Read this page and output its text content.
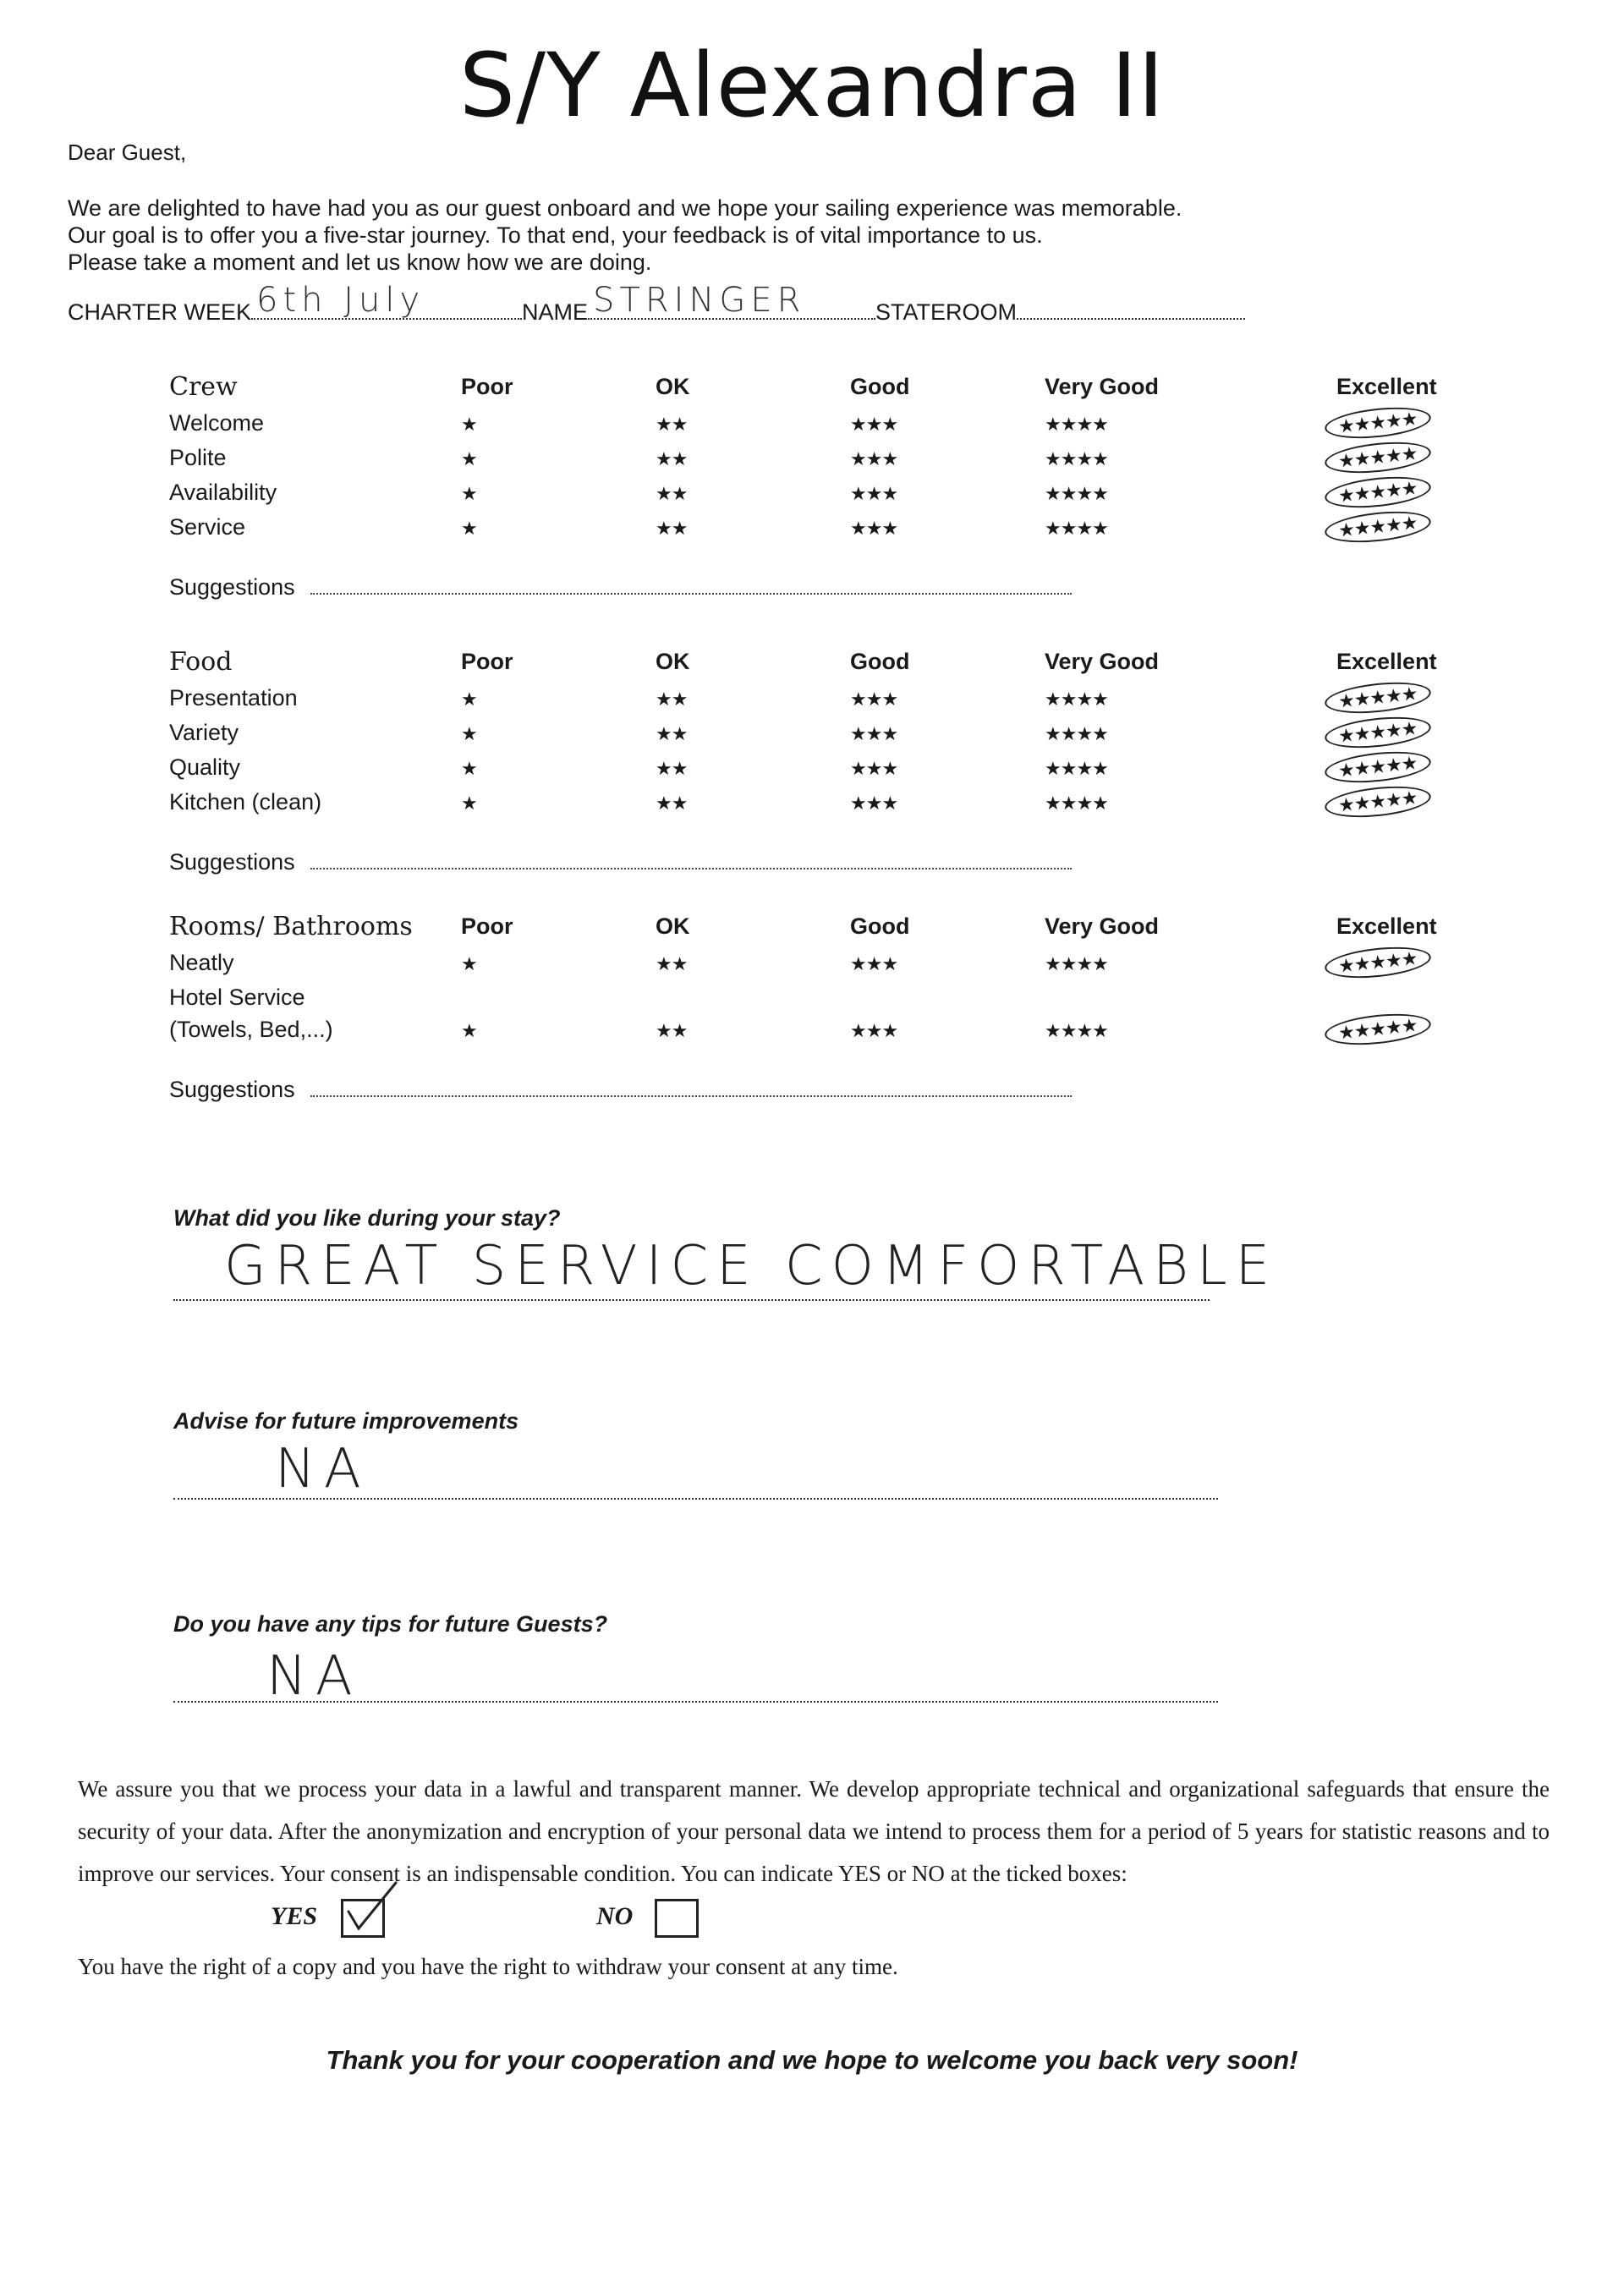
S/Y Alexandra II
Dear Guest,
We are delighted to have had you as our guest onboard and we hope your sailing experience was memorable.
Our goal is to offer you a five-star journey. To that end, your feedback is of vital importance to us.
Please take a moment and let us know how we are doing.
CHARTER WEEK 6th July	NAME STRINGER	STATEROOM
Crew	Poor	OK	Good	Very Good	Excellent
Welcome	★	★★	★★★	★★★★	★★★★★
Polite	★	★★	★★★	★★★★	★★★★★
Availability	★	★★	★★★	★★★★	★★★★★
Service	★	★★	★★★	★★★★	★★★★★
Suggestions
Food	Poor	OK	Good	Very Good	Excellent
Presentation	★	★★	★★★	★★★★	★★★★★
Variety	★	★★	★★★	★★★★	★★★★★
Quality	★	★★	★★★	★★★★	★★★★★
Kitchen (clean)	★	★★	★★★	★★★★	★★★★★
Suggestions
Rooms/ Bathrooms Poor	OK	Good	Very Good	Excellent
Neatly	★	★★	★★★	★★★★	★★★★★
Hotel Service
(Towels, Bed,...)	★	★★	★★★	★★★★	★★★★★
Suggestions
What did you like during your stay?
GREAT SERVICE COMFORTABLE
Advise for future improvements
NA
Do you have any tips for future Guests?
NA
We assure you that we process your data in a lawful and transparent manner. We develop appropriate technical and organizational safeguards that ensure the security of your data. After the anonymization and encryption of your personal data we intend to process them for a period of 5 years for statistic reasons and to improve our services. Your consent is an indispensable condition. You can indicate YES or NO at the ticked boxes:
YES	NO
You have the right of a copy and you have the right to withdraw your consent at any time.
Thank you for your cooperation and we hope to welcome you back very soon!
